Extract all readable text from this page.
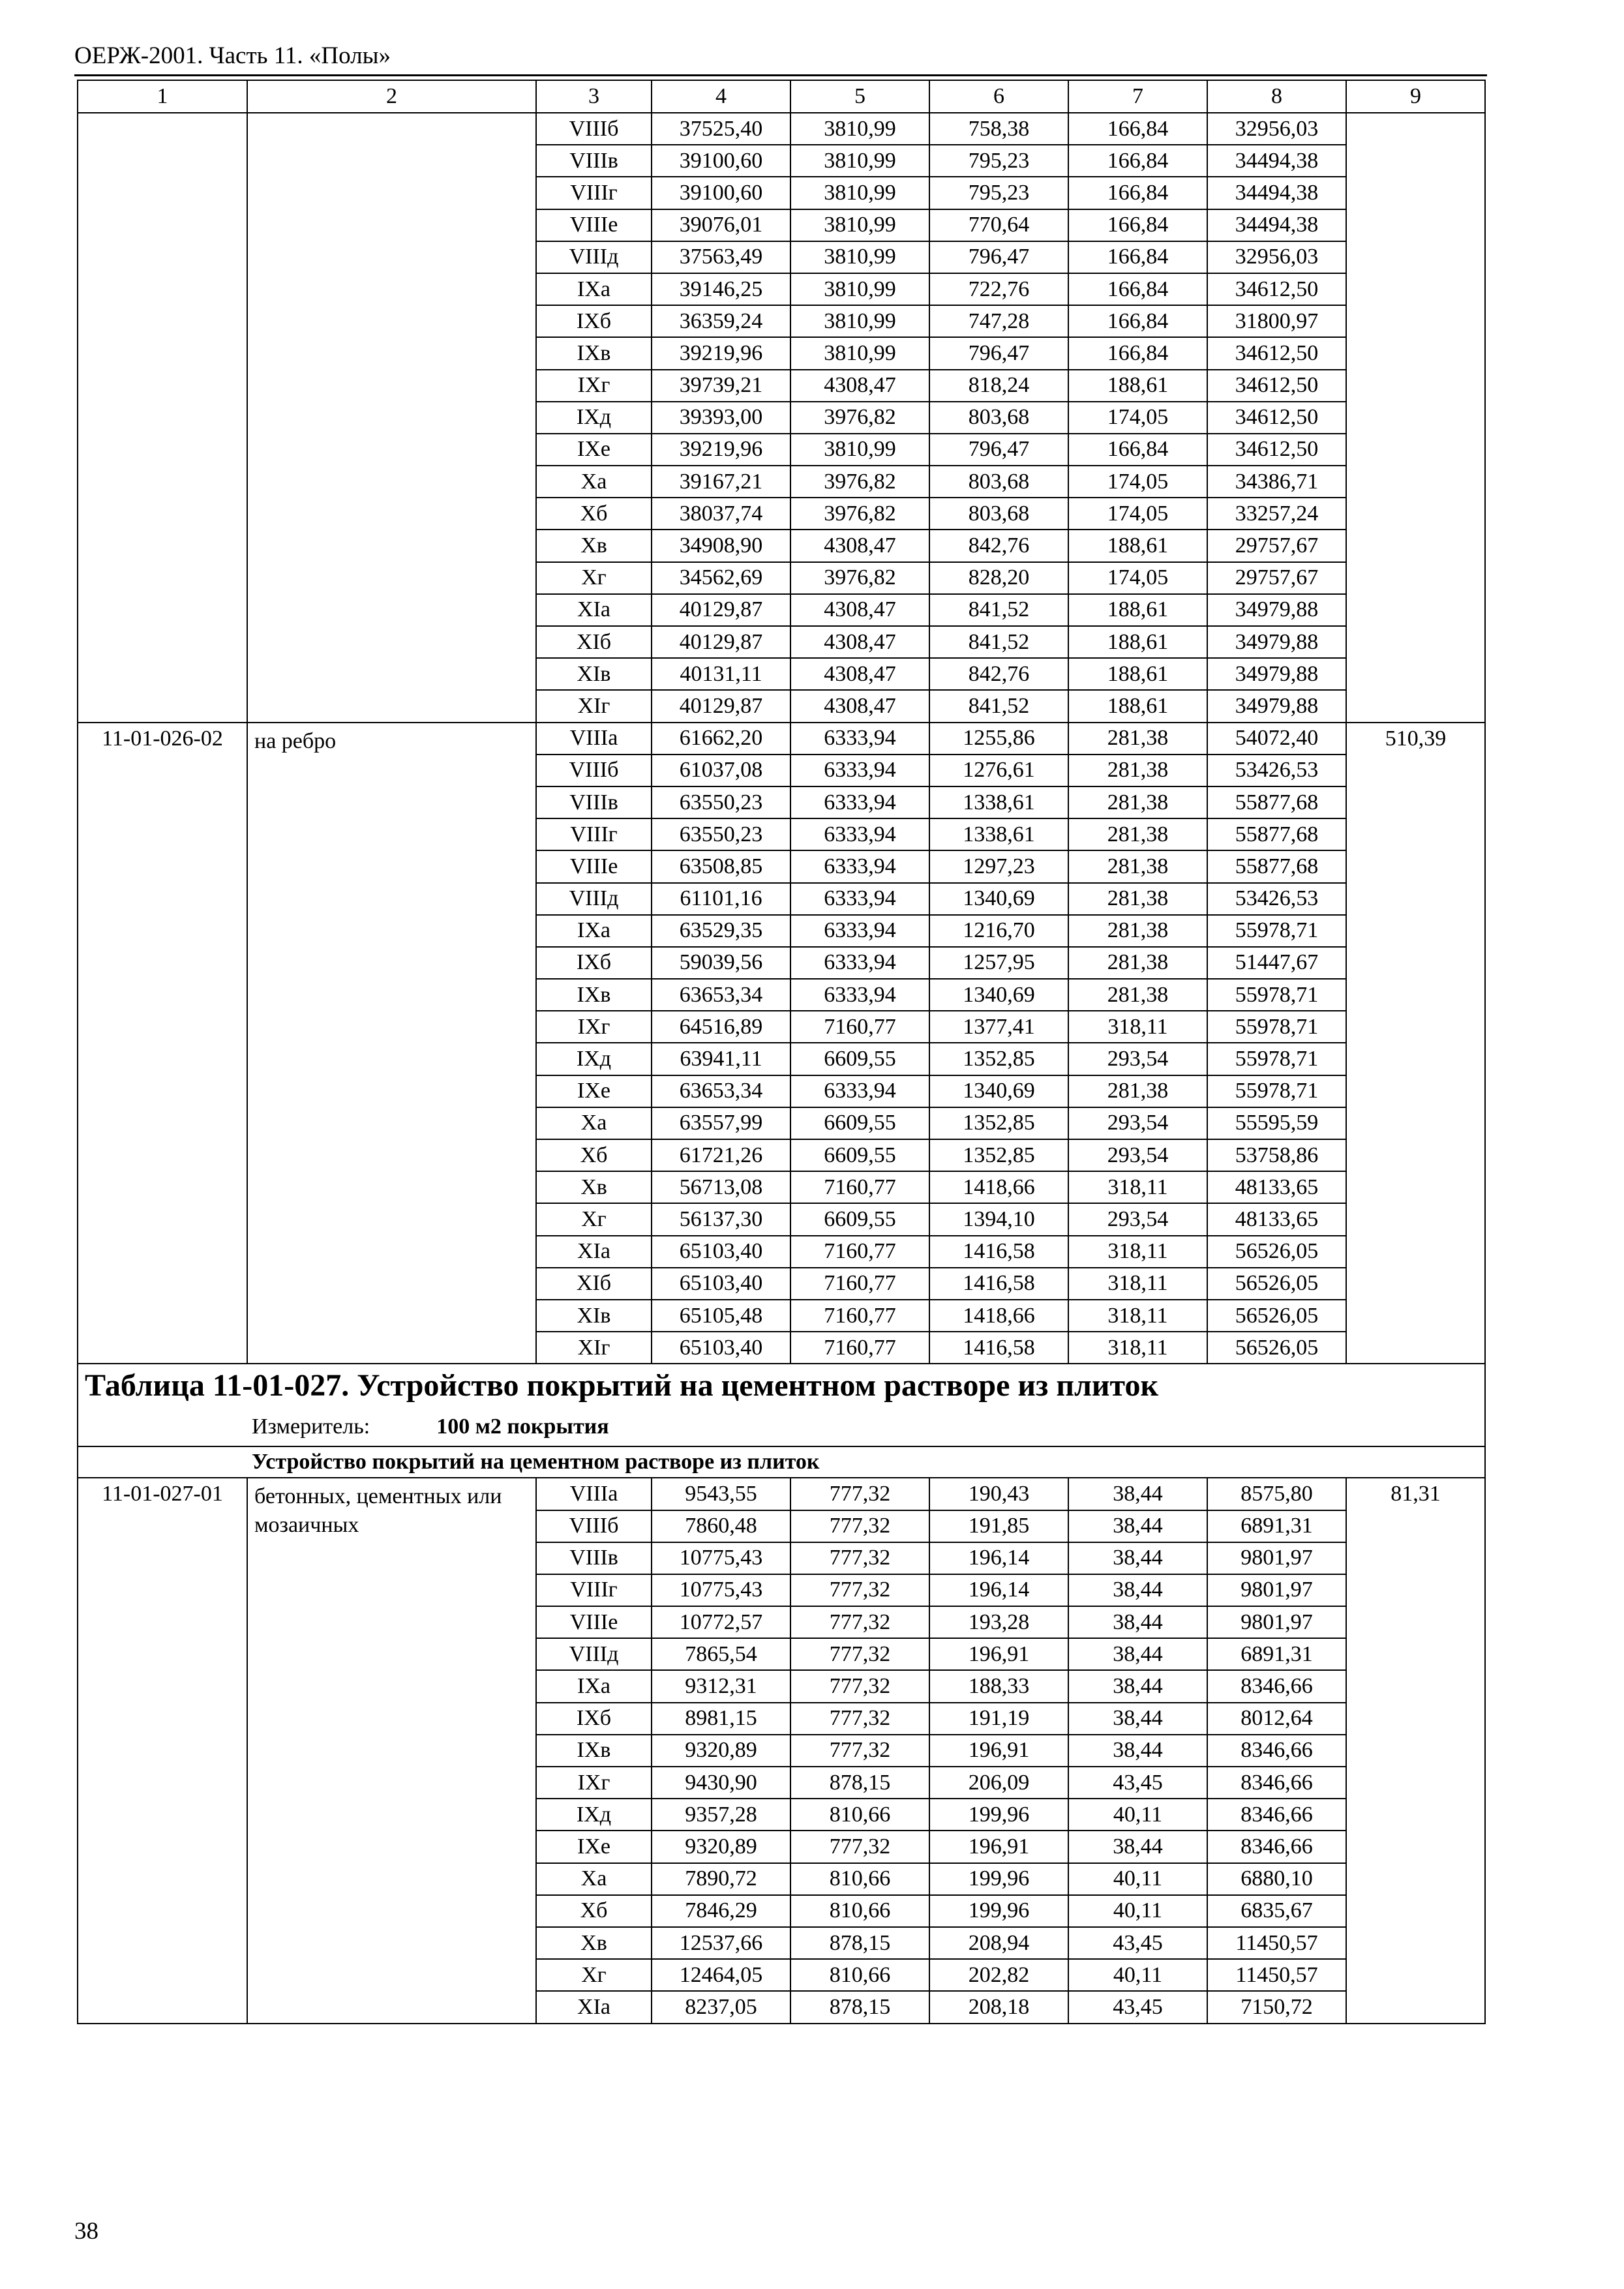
ОЕРЖ-2001. Часть 11. «Полы»
1	2	3	4	5	6	7	8	9
		VIIIб	37525,40	3810,99	758,38	166,84	32956,03	
		VIIIв	39100,60	3810,99	795,23	166,84	34494,38	
		VIIIг	39100,60	3810,99	795,23	166,84	34494,38	
		VIIIе	39076,01	3810,99	770,64	166,84	34494,38	
		VIIIд	37563,49	3810,99	796,47	166,84	32956,03	
		IXа	39146,25	3810,99	722,76	166,84	34612,50	
		IXб	36359,24	3810,99	747,28	166,84	31800,97	
		IXв	39219,96	3810,99	796,47	166,84	34612,50	
		IXг	39739,21	4308,47	818,24	188,61	34612,50	
		IXд	39393,00	3976,82	803,68	174,05	34612,50	
		IXе	39219,96	3810,99	796,47	166,84	34612,50	
		Xа	39167,21	3976,82	803,68	174,05	34386,71	
		Xб	38037,74	3976,82	803,68	174,05	33257,24	
		Xв	34908,90	4308,47	842,76	188,61	29757,67	
		Xг	34562,69	3976,82	828,20	174,05	29757,67	
		XIа	40129,87	4308,47	841,52	188,61	34979,88	
		XIб	40129,87	4308,47	841,52	188,61	34979,88	
		XIв	40131,11	4308,47	842,76	188,61	34979,88	
		XIг	40129,87	4308,47	841,52	188,61	34979,88	
11-01-026-02	на ребро	VIIIа	61662,20	6333,94	1255,86	281,38	54072,40	510,39
		VIIIб	61037,08	6333,94	1276,61	281,38	53426,53	
		VIIIв	63550,23	6333,94	1338,61	281,38	55877,68	
		VIIIг	63550,23	6333,94	1338,61	281,38	55877,68	
		VIIIе	63508,85	6333,94	1297,23	281,38	55877,68	
		VIIIд	61101,16	6333,94	1340,69	281,38	53426,53	
		IXа	63529,35	6333,94	1216,70	281,38	55978,71	
		IXб	59039,56	6333,94	1257,95	281,38	51447,67	
		IXв	63653,34	6333,94	1340,69	281,38	55978,71	
		IXг	64516,89	7160,77	1377,41	318,11	55978,71	
		IXд	63941,11	6609,55	1352,85	293,54	55978,71	
		IXе	63653,34	6333,94	1340,69	281,38	55978,71	
		Xа	63557,99	6609,55	1352,85	293,54	55595,59	
		Xб	61721,26	6609,55	1352,85	293,54	53758,86	
		Xв	56713,08	7160,77	1418,66	318,11	48133,65	
		Xг	56137,30	6609,55	1394,10	293,54	48133,65	
		XIа	65103,40	7160,77	1416,58	318,11	56526,05	
		XIб	65103,40	7160,77	1416,58	318,11	56526,05	
		XIв	65105,48	7160,77	1418,66	318,11	56526,05	
		XIг	65103,40	7160,77	1416,58	318,11	56526,05	
Таблица 11-01-027. Устройство покрытий на цементном растворе из плиток								
Измеритель: 100 м2 покрытия								
Устройство покрытий на цементном растворе из плиток								
11-01-027-01	бетонных, цементных или мозаичных	VIIIа	9543,55	777,32	190,43	38,44	8575,80	81,31
		VIIIб	7860,48	777,32	191,85	38,44	6891,31	
		VIIIв	10775,43	777,32	196,14	38,44	9801,97	
		VIIIг	10775,43	777,32	196,14	38,44	9801,97	
		VIIIе	10772,57	777,32	193,28	38,44	9801,97	
		VIIIд	7865,54	777,32	196,91	38,44	6891,31	
		IXа	9312,31	777,32	188,33	38,44	8346,66	
		IXб	8981,15	777,32	191,19	38,44	8012,64	
		IXв	9320,89	777,32	196,91	38,44	8346,66	
		IXг	9430,90	878,15	206,09	43,45	8346,66	
		IXд	9357,28	810,66	199,96	40,11	8346,66	
		IXе	9320,89	777,32	196,91	38,44	8346,66	
		Xа	7890,72	810,66	199,96	40,11	6880,10	
		Xб	7846,29	810,66	199,96	40,11	6835,67	
		Xв	12537,66	878,15	208,94	43,45	11450,57	
		Xг	12464,05	810,66	202,82	40,11	11450,57	
		XIа	8237,05	878,15	208,18	43,45	7150,72	
38
